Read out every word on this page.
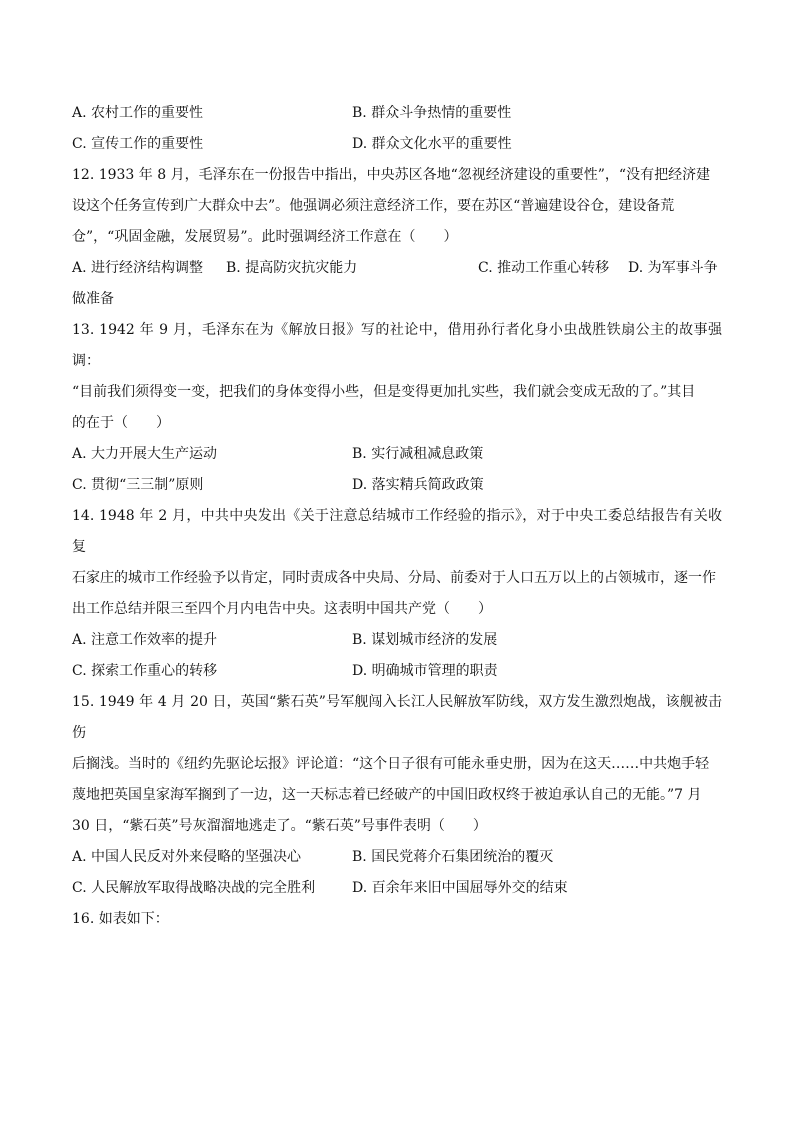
A. 农村工作的重要性	B. 群众斗争热情的重要性
C. 宣传工作的重要性	D. 群众文化水平的重要性
12. 1933 年 8 月，毛泽东在一份报告中指出，中央苏区各地“忽视经济建设的重要性”，“没有把经济建
设这个任务宣传到广大群众中去”。他强调必须注意经济工作，要在苏区“普遍建设谷仓，建设备荒
仓”，“巩固金融，发展贸易”。此时强调经济工作意在（　　）
A. 进行经济结构调整	B. 提高防灾抗灾能力	C. 推动工作重心转移	D. 为军事斗争
做准备
13. 1942 年 9 月，毛泽东在为《解放日报》写的社论中，借用孙行者化身小虫战胜铁扇公主的故事强调：
“目前我们须得变一变，把我们的身体变得小些，但是变得更加扎实些，我们就会变成无敌的了。”其目
的在于（　　）
A. 大力开展大生产运动	B. 实行减租减息政策
C. 贯彻“三三制”原则	D. 落实精兵简政政策
14. 1948 年 2 月，中共中央发出《关于注意总结城市工作经验的指示》，对于中央工委总结报告有关收复
石家庄的城市工作经验予以肯定，同时责成各中央局、分局、前委对于人口五万以上的占领城市，逐一作
出工作总结并限三至四个月内电告中央。这表明中国共产党（　　）
A. 注意工作效率的提升	B. 谋划城市经济的发展
C. 探索工作重心的转移	D. 明确城市管理的职责
15. 1949 年 4 月 20 日，英国“紫石英”号军舰闯入长江人民解放军防线，双方发生激烈炮战，该舰被击伤
后搁浅。当时的《纽约先驱论坛报》评论道：“这个日子很有可能永垂史册，因为在这天……中共炮手轻
蔑地把英国皇家海军搁到了一边，这一天标志着已经破产的中国旧政权终于被迫承认自己的无能。”7 月
30 日，“紫石英”号灰溜溜地逃走了。“紫石英”号事件表明（　　）
A. 中国人民反对外来侵略的坚强决心	B. 国民党蒋介石集团统治的覆灭
C. 人民解放军取得战略决战的完全胜利	D. 百余年来旧中国屈辱外交的结束
16. 如表如下：
